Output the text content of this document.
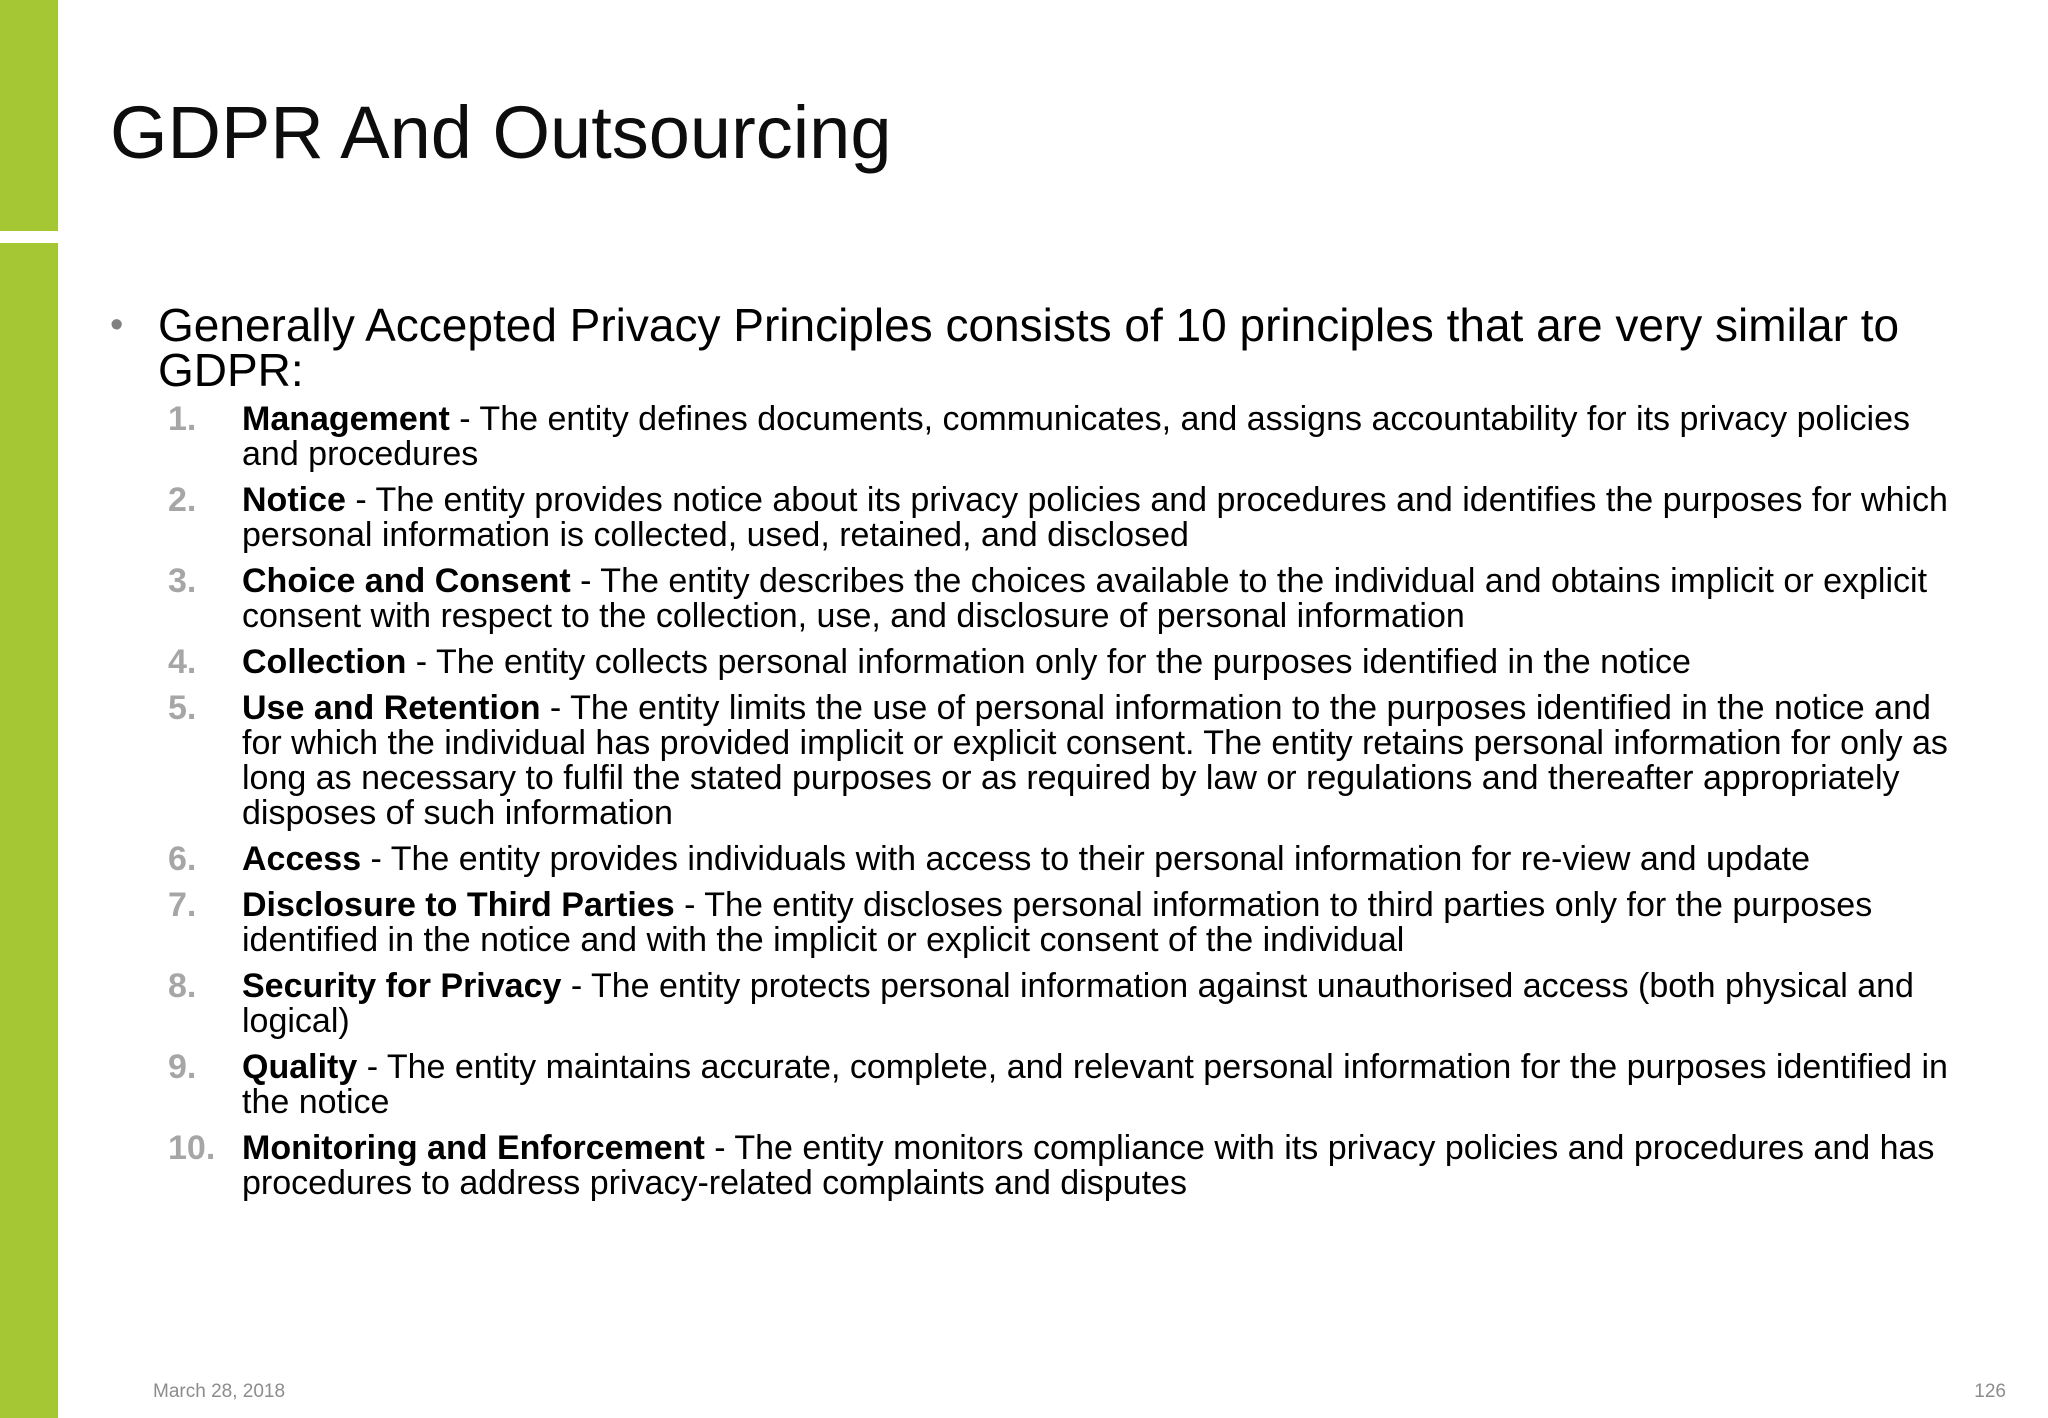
GDPR And Outsourcing
• Generally Accepted Privacy Principles consists of 10 principles that are very similar to GDPR:
1.	Management - The entity defines documents, communicates, and assigns accountability for its privacy policies and procedures
2.	Notice - The entity provides notice about its privacy policies and procedures and identifies the purposes for which personal information is collected, used, retained, and disclosed
3.	Choice and Consent - The entity describes the choices available to the individual and obtains implicit or explicit consent with respect to the collection, use, and disclosure of personal information
4.	Collection - The entity collects personal information only for the purposes identified in the notice
5.	Use and Retention - The entity limits the use of personal information to the purposes identified in the notice and for which the individual has provided implicit or explicit consent. The entity retains personal information for only as long as necessary to fulfil the stated purposes or as required by law or regulations and thereafter appropriately disposes of such information
6.	Access - The entity provides individuals with access to their personal information for re-view and update
7.	Disclosure to Third Parties - The entity discloses personal information to third parties only for the purposes identified in the notice and with the implicit or explicit consent of the individual
8.	Security for Privacy - The entity protects personal information against unauthorised access (both physical and logical)
9.	Quality - The entity maintains accurate, complete, and relevant personal information for the purposes identified in the notice
10. Monitoring and Enforcement - The entity monitors compliance with its privacy policies and procedures and has procedures to address privacy-related complaints and disputes
March 28, 2018	126
